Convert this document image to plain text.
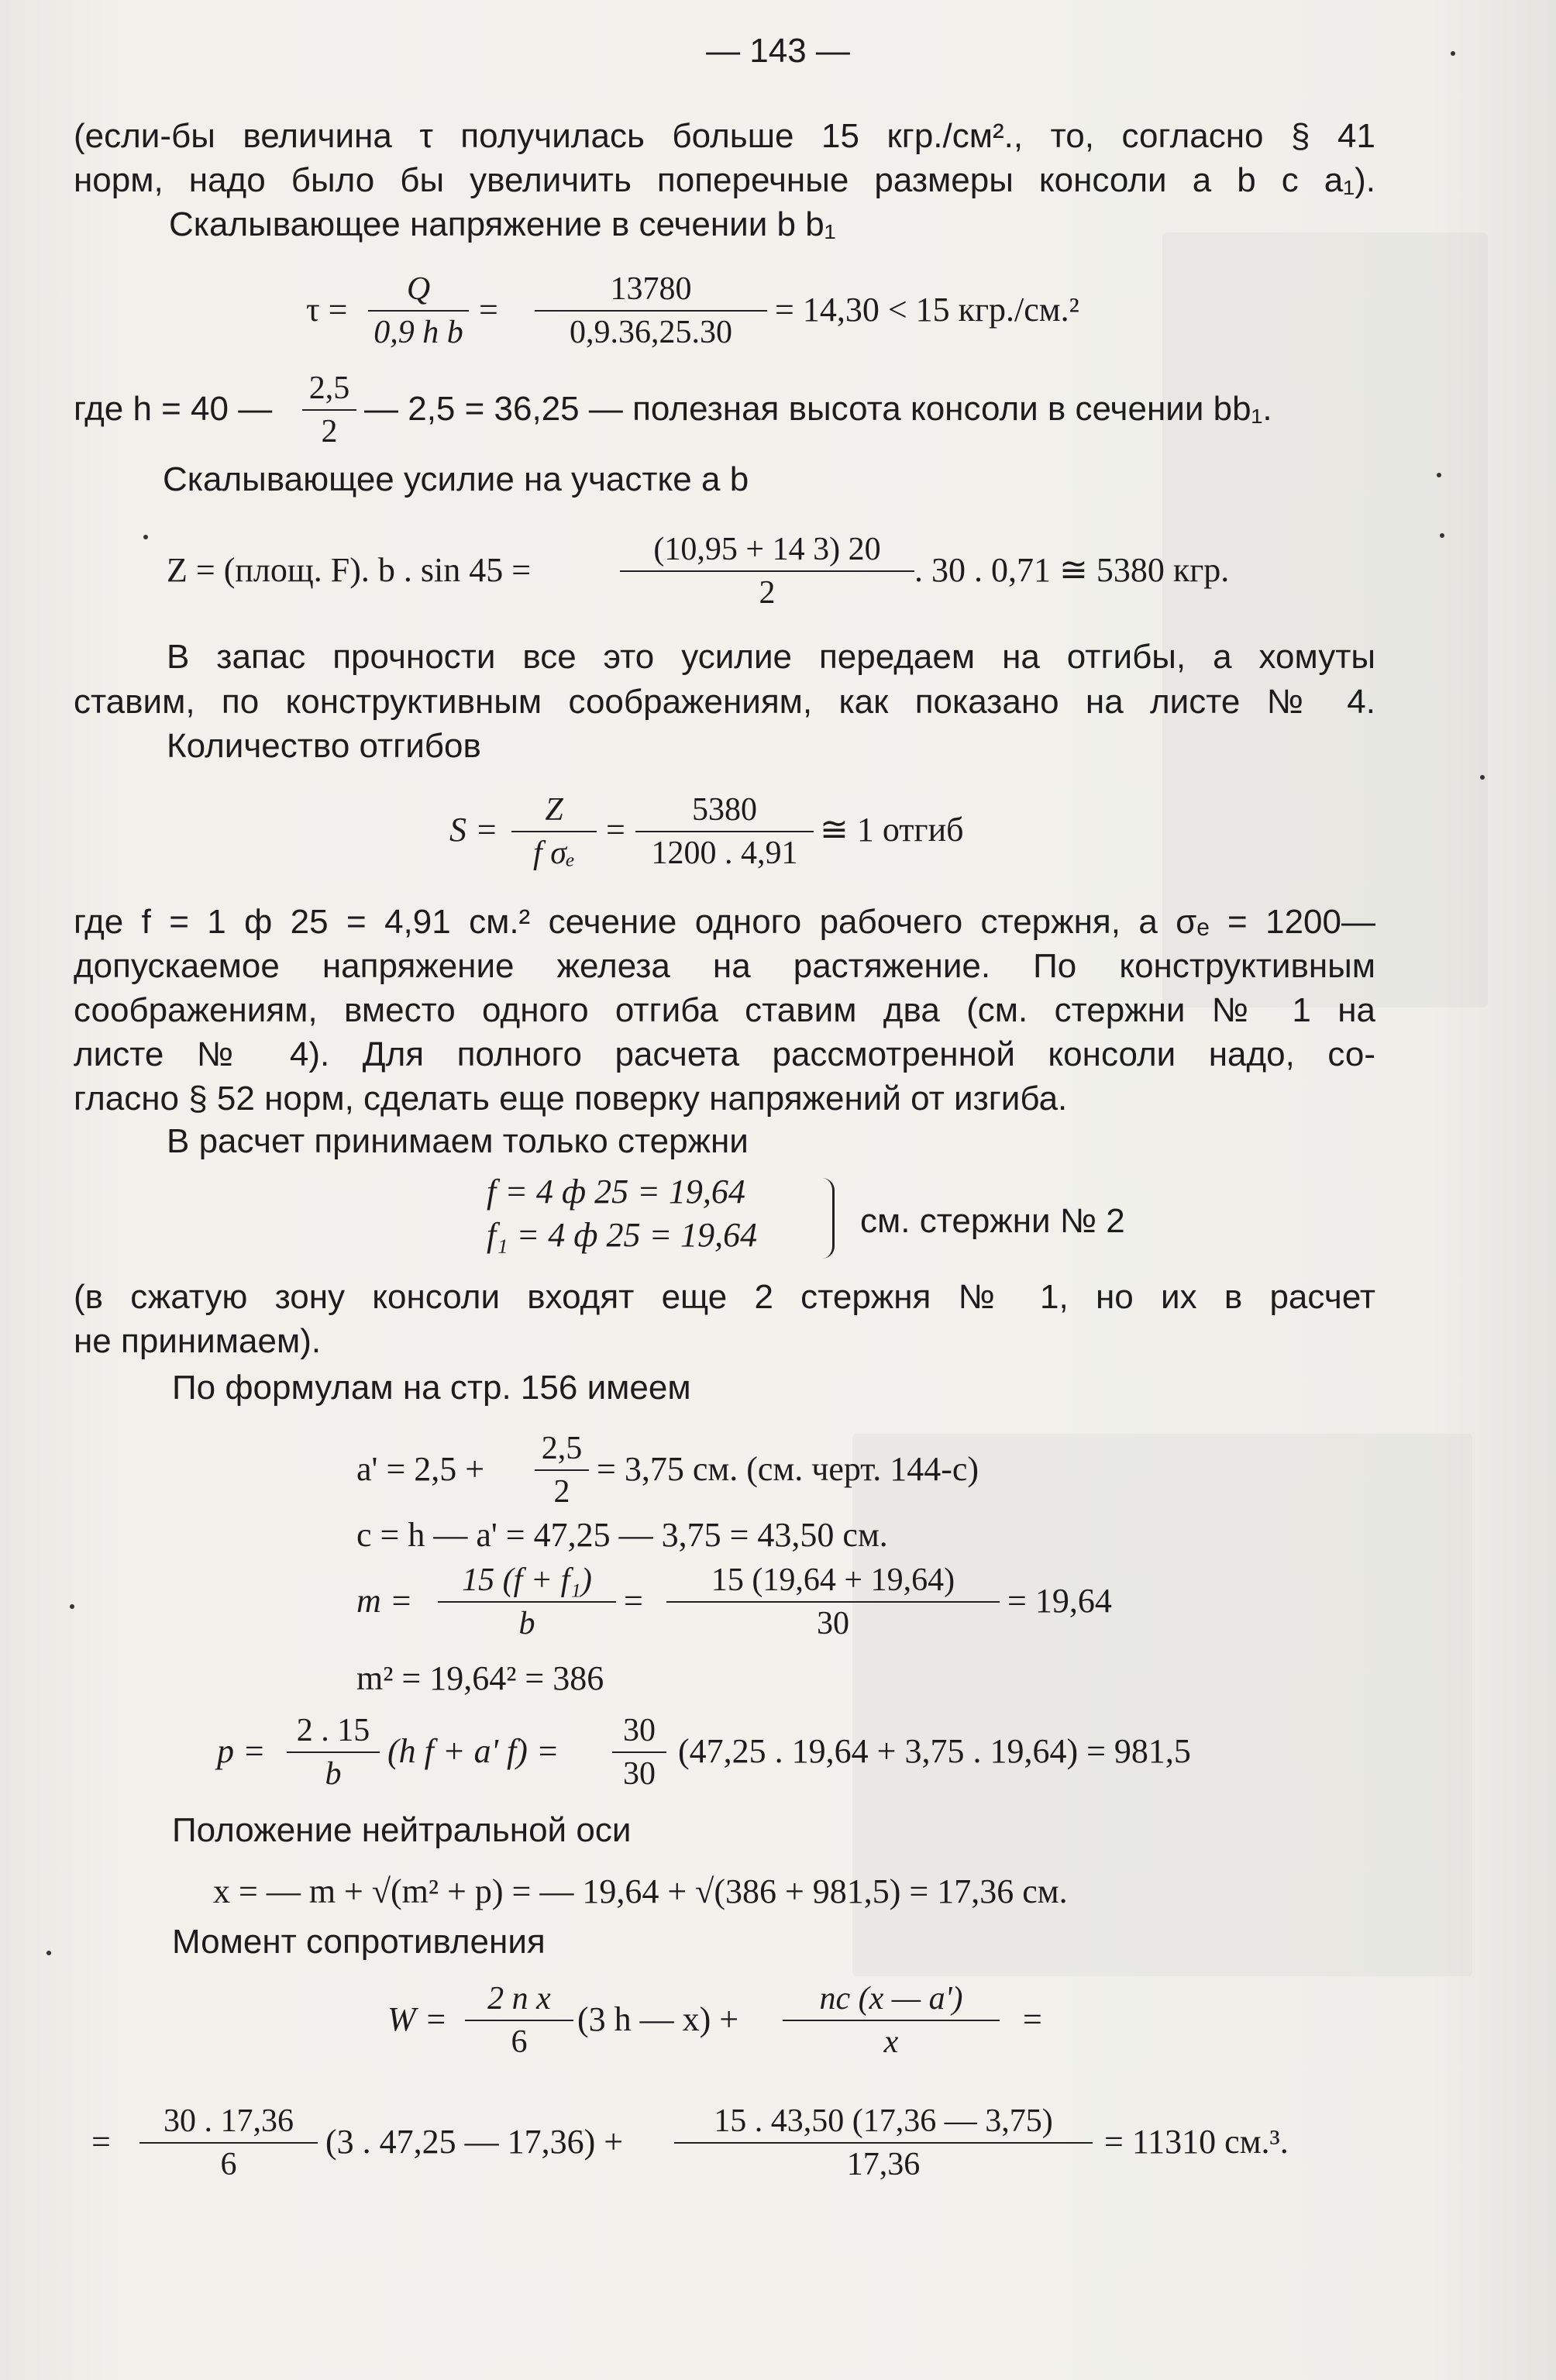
— 143 —
(если-бы величина τ получилась больше 15 кгр./см²., то, согласно § 41
норм, надо было бы увеличить поперечные размеры консоли a b c a₁).
Скалывающее напряжение в сечении b b₁
τ =
Q
0,9 h b
=
13780
0,9.36,25.30
= 14,30 < 15 кгр./см.²
где h = 40 —
2,5
2
— 2,5 = 36,25 — полезная высота консоли в сечении bb₁.
Скалывающее усилие на участке a b
Z = (площ. F). b . sin 45 =
(10,95 + 14 3) 20
2
. 30 . 0,71 ≅ 5380 кгр.
В запас прочности все это усилие передаем на отгибы, а хомуты
ставим, по конструктивным соображениям, как показано на листе № 4.
Количество отгибов
S =
Z
f σₑ
=
5380
1200 . 4,91
≅ 1 отгиб
где f = 1 ф 25 = 4,91 см.² сечение одного рабочего стержня, а σₑ = 1200—
допускаемое напряжение железа на растяжение. По конструктивным
соображениям, вместо одного отгиба ставим два (см. стержни № 1 на
листе № 4). Для полного расчета рассмотренной консоли надо, со-
гласно § 52 норм, сделать еще поверку напряжений от изгиба.
В расчет принимаем только стержни
f = 4 ф 25 = 19,64
f₁ = 4 ф 25 = 19,64	см. стержни № 2
(в сжатую зону консоли входят еще 2 стержня № 1, но их в расчет
не принимаем).
По формулам на стр. 156 имеем
a' = 2,5 +
2,5
2
= 3,75 см. (см. черт. 144-с)
c = h — a' = 47,25 — 3,75 = 43,50 см.
m =
15 (f + f₁)
b
=
15 (19,64 + 19,64)
30
= 19,64
m² = 19,64² = 386
p =
2 . 15
b
(h f + a' f) =
30
30
(47,25 . 19,64 + 3,75 . 19,64) = 981,5
Положение нейтральной оси
x = — m + √(m² + p) = — 19,64 + √(386 + 981,5) = 17,36 см.
Момент сопротивления
W =
2 n x
6
(3 h — x) +
nc (x — a')
x
=
=
30 . 17,36
6
(3 . 47,25 — 17,36) +
15 . 43,50 (17,36 — 3,75)
17,36
= 11310 см.³.
